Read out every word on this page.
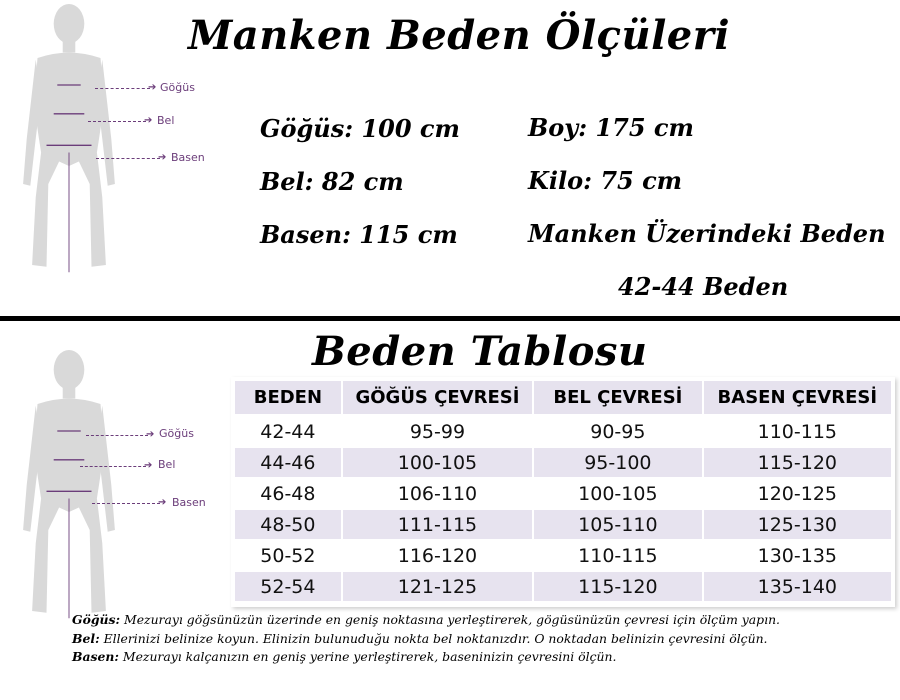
➔ Göğüs
➔ Bel
➔ Basen
Manken Beden Ölçüleri
Göğüs: 100 cm
Bel: 82 cm
Basen: 115 cm
Boy: 175 cm
Kilo: 75 cm
Manken Üzerindeki Beden
42-44 Beden
➔ Göğüs
➔ Bel
➔ Basen
Beden Tablosu
BEDEN	GÖĞÜS ÇEVRESİ	BEL ÇEVRESİ	BASEN ÇEVRESİ
42-44	95-99	90-95	110-115
44-46	100-105	95-100	115-120
46-48	106-110	100-105	120-125
48-50	111-115	105-110	125-130
50-52	116-120	110-115	130-135
52-54	121-125	115-120	135-140
Göğüs: Mezurayı göğsünüzün üzerinde en geniş noktasına yerleştirerek, gögüsünüzün çevresi için ölçüm yapın.
Bel: Ellerinizi belinize koyun. Elinizin bulunuduğu nokta bel noktanızdır. O noktadan belinizin çevresini ölçün.
Basen: Mezurayı kalçanızın en geniş yerine yerleştirerek, baseninizin çevresini ölçün.
